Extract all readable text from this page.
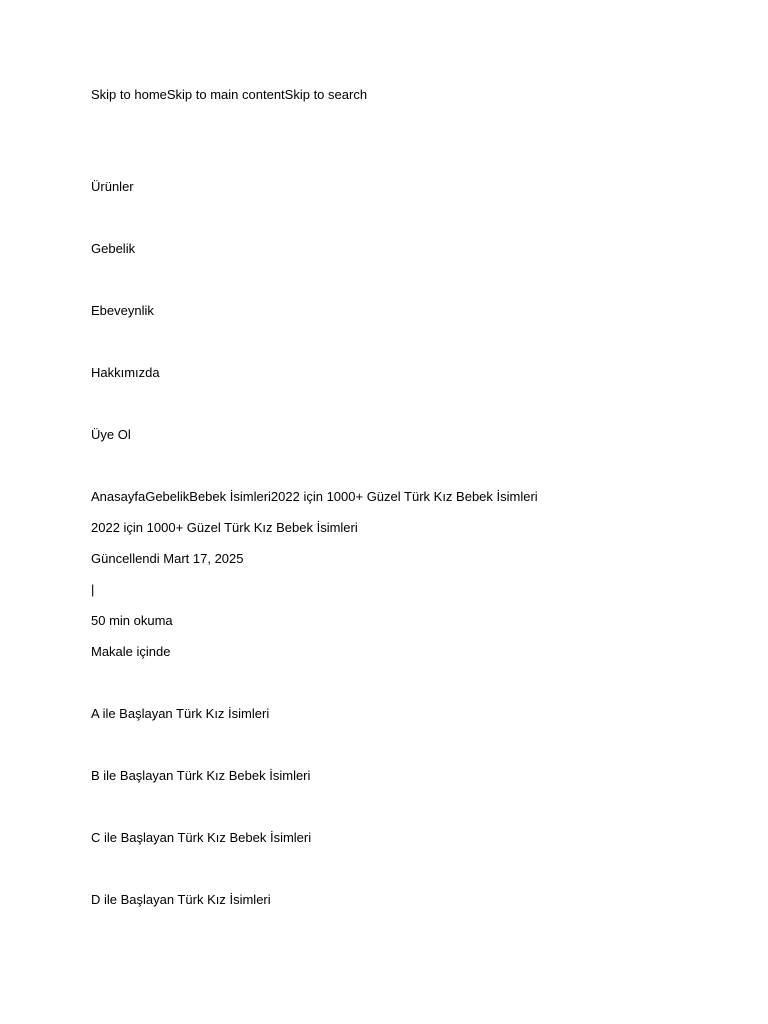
Skip to homeSkip to main contentSkip to search
Ürünler
Gebelik
Ebeveynlik
Hakkımızda
Üye Ol
AnasayfaGebelikBebek İsimleri2022 için 1000+ Güzel Türk Kız Bebek İsimleri
2022 için 1000+ Güzel Türk Kız Bebek İsimleri
Güncellendi Mart 17, 2025
|
50 min okuma
Makale içinde
A ile Başlayan Türk Kız İsimleri
B ile Başlayan Türk Kız Bebek İsimleri
C ile Başlayan Türk Kız Bebek İsimleri
D ile Başlayan Türk Kız İsimleri
